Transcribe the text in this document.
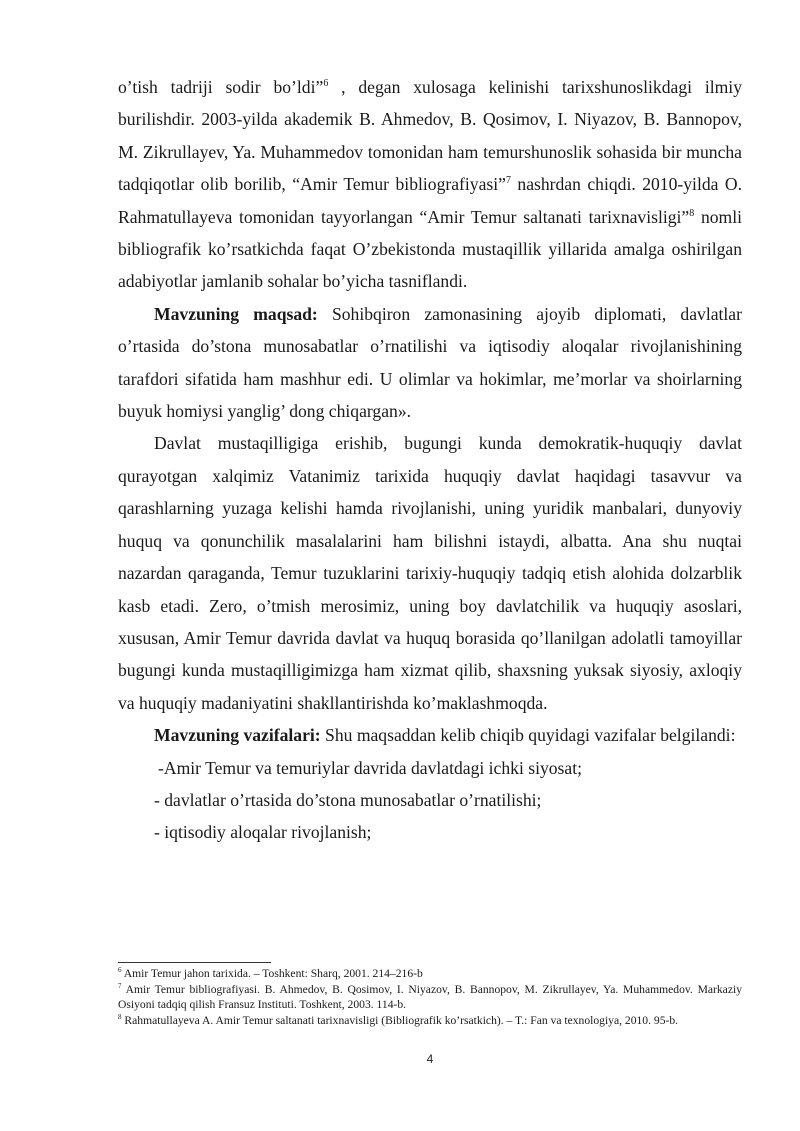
o’tish tadriji sodir bo’ldi”$^6$ , degan xulosaga kelinishi tarixshunoslikdagi ilmiy burilishdir. 2003-yilda akademik B. Ahmedov, B. Qosimov, I. Niyazov, B. Bannopov, M. Zikrullayev, Ya. Muhammedov tomonidan ham temurshunoslik sohasida bir muncha tadqiqotlar olib borilib, “Amir Temur bibliografiyasi”$^7$ nashrdan chiqdi. 2010-yilda O. Rahmatullayeva tomonidan tayyorlangan “Amir Temur saltanati tarixnavisligi”$^8$ nomli bibliografik ko’rsatkichda faqat O’zbekistonda mustaqillik yillarida amalga oshirilgan adabiyotlar jamlanib sohalar bo’yicha tasniflandi.

Mavzuning maqsad: Sohibqiron zamonasining ajoyib diplomati, davlatlar o’rtasida do’stona munosabatlar o’rnatilishi va iqtisodiy aloqalar rivojlanishining tarafdori sifatida ham mashhur edi. U olimlar va hokimlar, me’morlar va shoirlarning buyuk homiysi yanglig’ dong chiqargan».

Davlat mustaqilligiga erishib, bugungi kunda demokratik-huquqiy davlat qurayotgan xalqimiz Vatanimiz tarixida huquqiy davlat haqidagi tasavvur va qarashlarning yuzaga kelishi hamda rivojlanishi, uning yuridik manbalari, dunyoviy huquq va qonunchilik masalalarini ham bilishni istaydi, albatta. Ana shu nuqtai nazardan qaraganda, Temur tuzuklarini tarixiy-huquqiy tadqiq etish alohida dolzarblik kasb etadi. Zero, o’tmish merosimiz, uning boy davlatchilik va huquqiy asoslari, xususan, Amir Temur davrida davlat va huquq borasida qo’llanilgan adolatli tamoyillar bugungi kunda mustaqilligimizga ham xizmat qilib, shaxsning yuksak siyosiy, axloqiy va huquqiy madaniyatini shakllantirishda ko’maklashmoqda.

Mavzuning vazifalari: Shu maqsaddan kelib chiqib quyidagi vazifalar belgilandi:

-Amir Temur va temuriylar davrida davlatdagi ichki siyosat;

- davlatlar o’rtasida do’stona munosabatlar o’rnatilishi;

- iqtisodiy aloqalar rivojlanish;

$^6$ Amir Temur jahon tarixida. – Toshkent: Sharq, 2001. 214–216-b

$^7$ Amir Temur bibliografiyasi. B. Ahmedov, B. Qosimov, I. Niyazov, B. Bannopov, M. Zikrullayev, Ya. Muhammedov. Markaziy Osiyoni tadqiq qilish Fransuz Instituti. Toshkent, 2003. 114-b.

$^8$ Rahmatullayeva A. Amir Temur saltanati tarixnavisligi (Bibliografik ko’rsatkich). – T.: Fan va texnologiya, 2010. 95-b.

4
